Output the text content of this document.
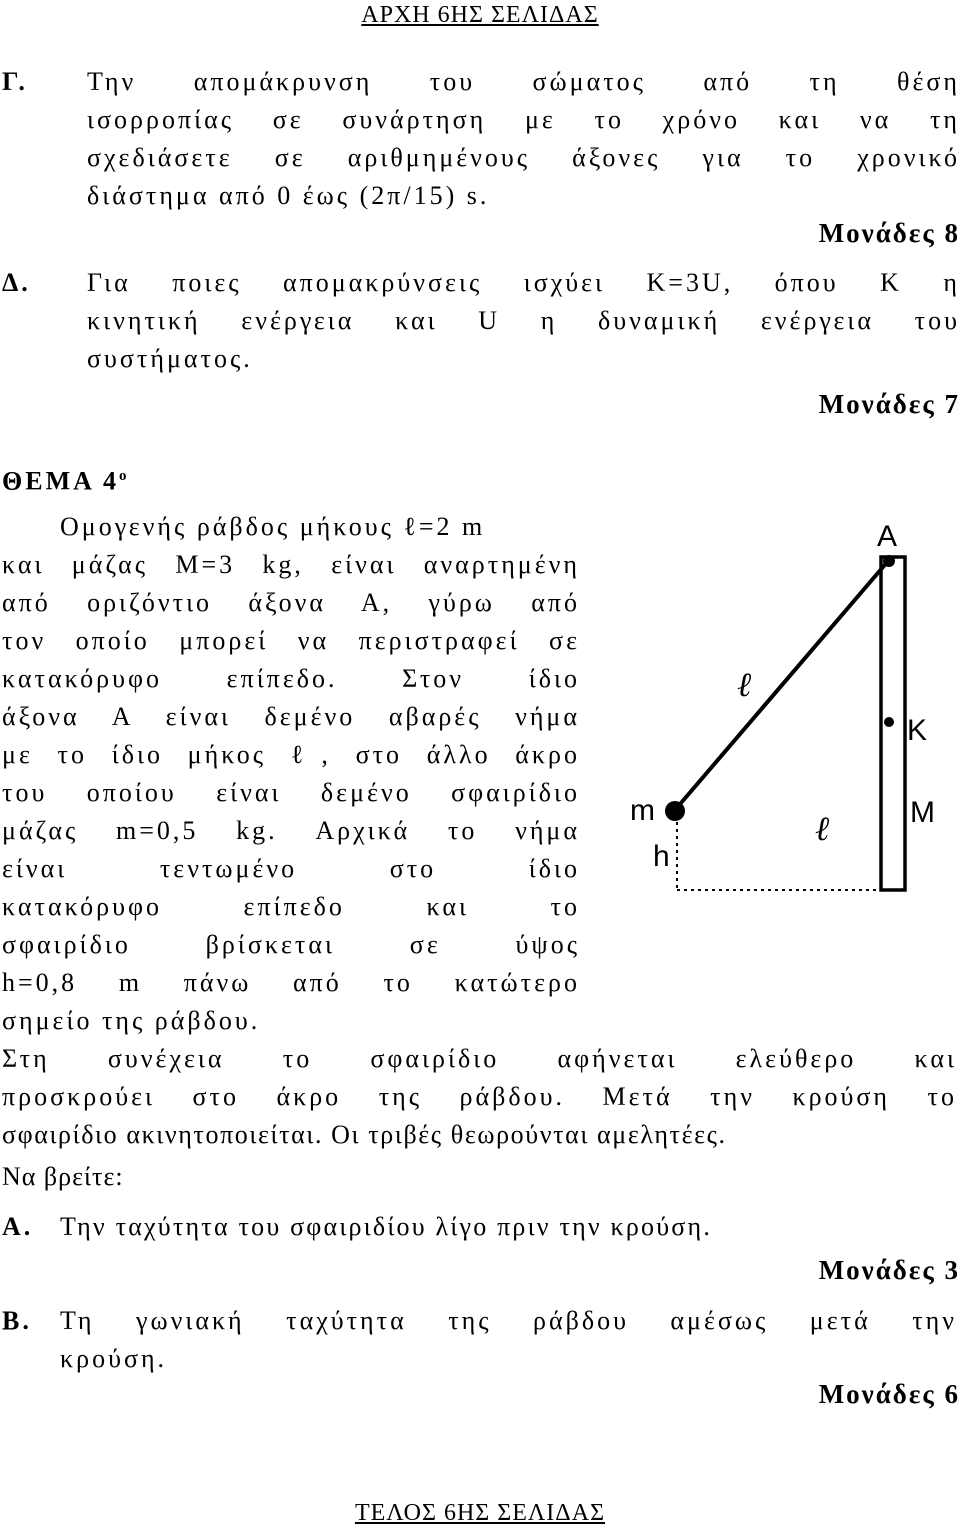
ΑΡΧΗ 6ΗΣ ΣΕΛΙΔΑΣ
Γ. Την απομάκρυνση του σώματος από τη θέση
ισορροπίας σε συνάρτηση με το χρόνο και να τη
σχεδιάσετε σε αριθμημένους άξονες για το χρονικό
διάστημα από 0 έως (2π/15) s.
Μονάδες 8
Δ. Για ποιες απομακρύνσεις ισχύει Κ=3U, όπου Κ η
κινητική ενέργεια και U η δυναμική ενέργεια του
συστήματος.
Μονάδες 7
ΘΕΜΑ $4^o$
Ομογενής ράβδος μήκους ℓ=2 m
και μάζας Μ=3 kg, είναι αναρτημένη
από οριζόντιο άξονα Α, γύρω από
τον οποίο μπορεί να περιστραφεί σε
κατακόρυφο επίπεδο. Στον ίδιο
άξονα Α είναι δεμένο αβαρές νήμα
με το ίδιο μήκος ℓ, στο άλλο άκρο
του οποίου είναι δεμένο σφαιρίδιο
μάζας m=0,5 kg. Αρχικά το νήμα
είναι τεντωμένο στο ίδιο
κατακόρυφο επίπεδο και το
σφαιρίδιο βρίσκεται σε ύψος
h=0,8 m πάνω από το κατώτερο
σημείο της ράβδου.
Στη συνέχεια το σφαιρίδιο αφήνεται ελεύθερο και
προσκρούει στο άκρο της ράβδου. Μετά την κρούση το
σφαιρίδιο ακινητοποιείται. Οι τριβές θεωρούνται αμελητέες.
Να βρείτε:
A
ℓ
K
M
m	ℓ
h
Α. Την ταχύτητα του σφαιριδίου λίγο πριν την κρούση.
Μονάδες 3
Β. Τη γωνιακή ταχύτητα της ράβδου αμέσως μετά την
κρούση.
Μονάδες 6
ΤΕΛΟΣ 6ΗΣ ΣΕΛΙΔΑΣ
